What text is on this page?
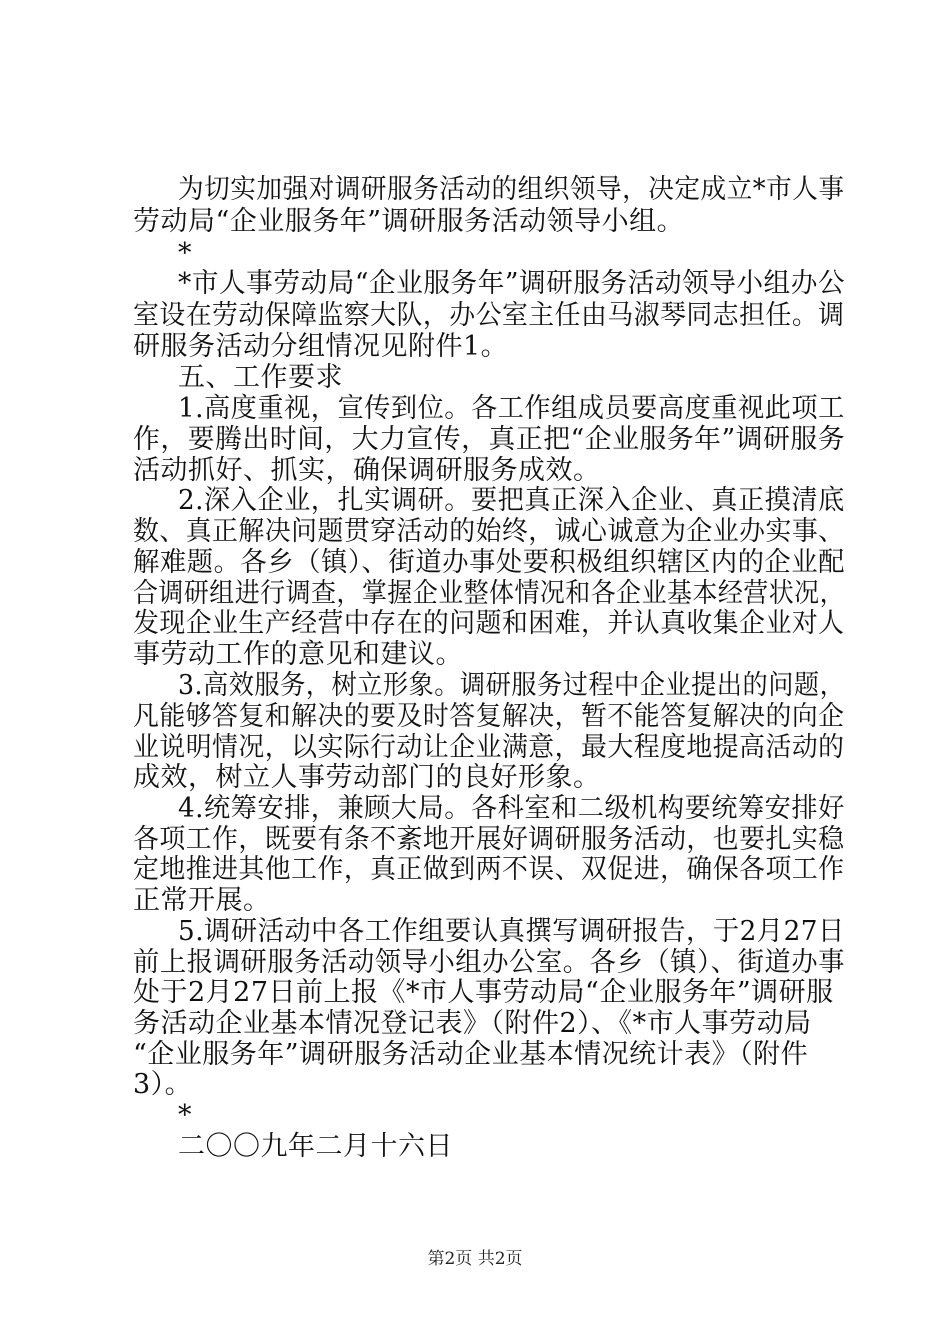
为切实加强对调研服务活动的组织领导，决定成立*市人事
劳动局“企业服务年”调研服务活动领导小组。
*
*市人事劳动局“企业服务年”调研服务活动领导小组办公
室设在劳动保障监察大队，办公室主任由马淑琴同志担任。调
研服务活动分组情况见附件1。
五、工作要求
1.高度重视，宣传到位。各工作组成员要高度重视此项工
作，要腾出时间，大力宣传，真正把“企业服务年”调研服务
活动抓好、抓实，确保调研服务成效。
2.深入企业，扎实调研。要把真正深入企业、真正摸清底
数、真正解决问题贯穿活动的始终，诚心诚意为企业办实事、
解难题。各乡（镇）、街道办事处要积极组织辖区内的企业配
合调研组进行调查，掌握企业整体情况和各企业基本经营状况，
发现企业生产经营中存在的问题和困难，并认真收集企业对人
事劳动工作的意见和建议。
3.高效服务，树立形象。调研服务过程中企业提出的问题，
凡能够答复和解决的要及时答复解决，暂不能答复解决的向企
业说明情况，以实际行动让企业满意，最大程度地提高活动的
成效，树立人事劳动部门的良好形象。
4.统筹安排，兼顾大局。各科室和二级机构要统筹安排好
各项工作，既要有条不紊地开展好调研服务活动，也要扎实稳
定地推进其他工作，真正做到两不误、双促进，确保各项工作
正常开展。
5.调研活动中各工作组要认真撰写调研报告，于2月27日
前上报调研服务活动领导小组办公室。各乡（镇）、街道办事
处于2月27日前上报《*市人事劳动局“企业服务年”调研服
务活动企业基本情况登记表》（附件2）、《*市人事劳动局
“企业服务年”调研服务活动企业基本情况统计表》（附件
3）。
*
二〇〇九年二月十六日
第2页 共2页
